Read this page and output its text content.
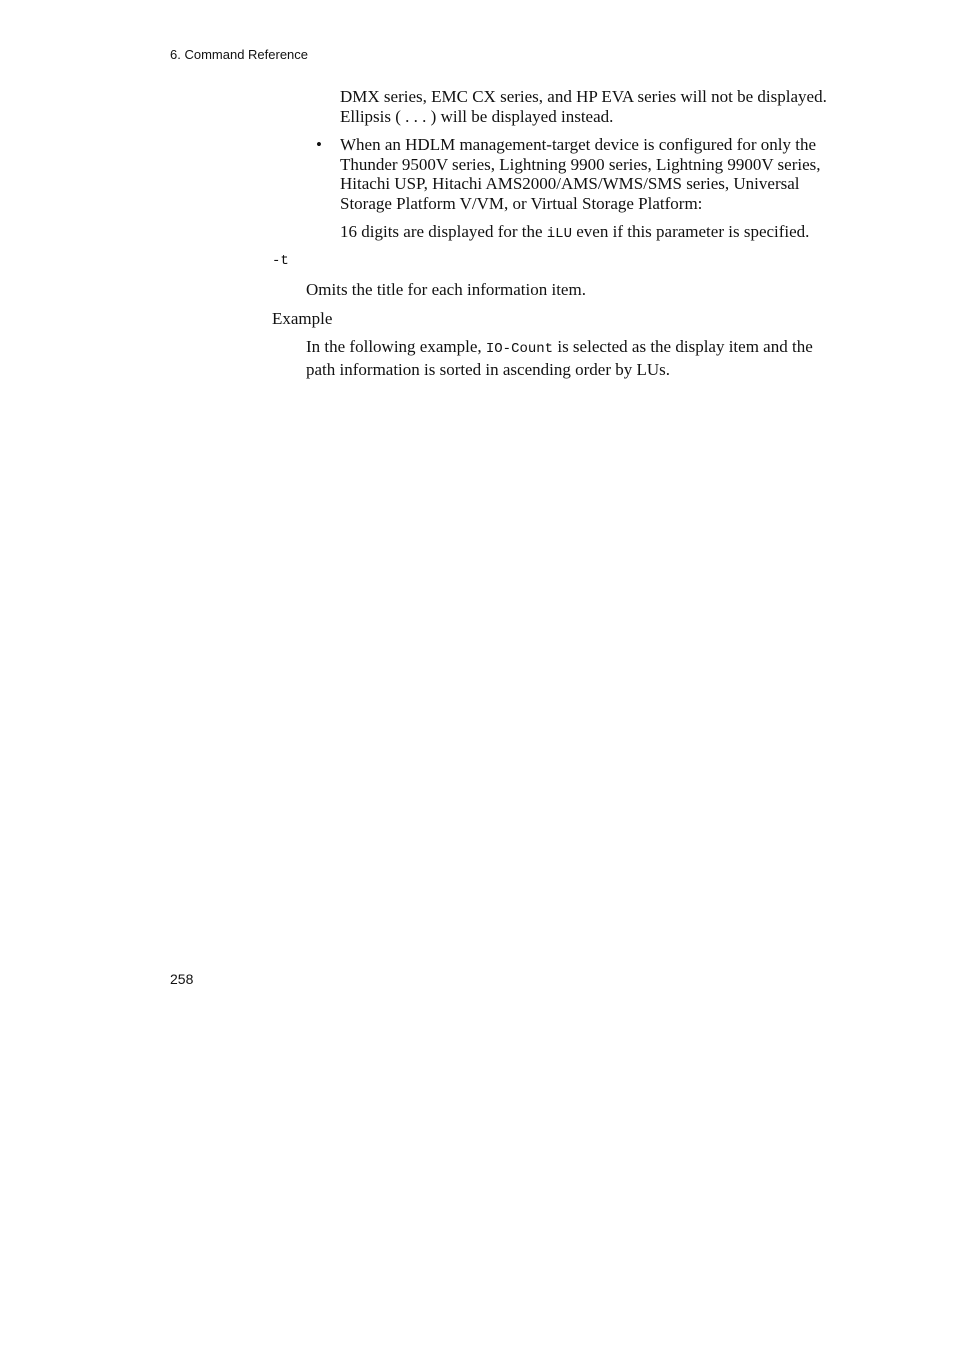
6. Command Reference
DMX series, EMC CX series, and HP EVA series will not be displayed.
Ellipsis ( . . . ) will be displayed instead.
• When an HDLM management-target device is configured for only the
Thunder 9500V series, Lightning 9900 series, Lightning 9900V series,
Hitachi USP, Hitachi AMS2000/AMS/WMS/SMS series, Universal
Storage Platform V/VM, or Virtual Storage Platform:
16 digits are displayed for the iLU even if this parameter is specified.
-t
Omits the title for each information item.
Example
In the following example, IO-Count is selected as the display item and the
path information is sorted in ascending order by LUs.
258
